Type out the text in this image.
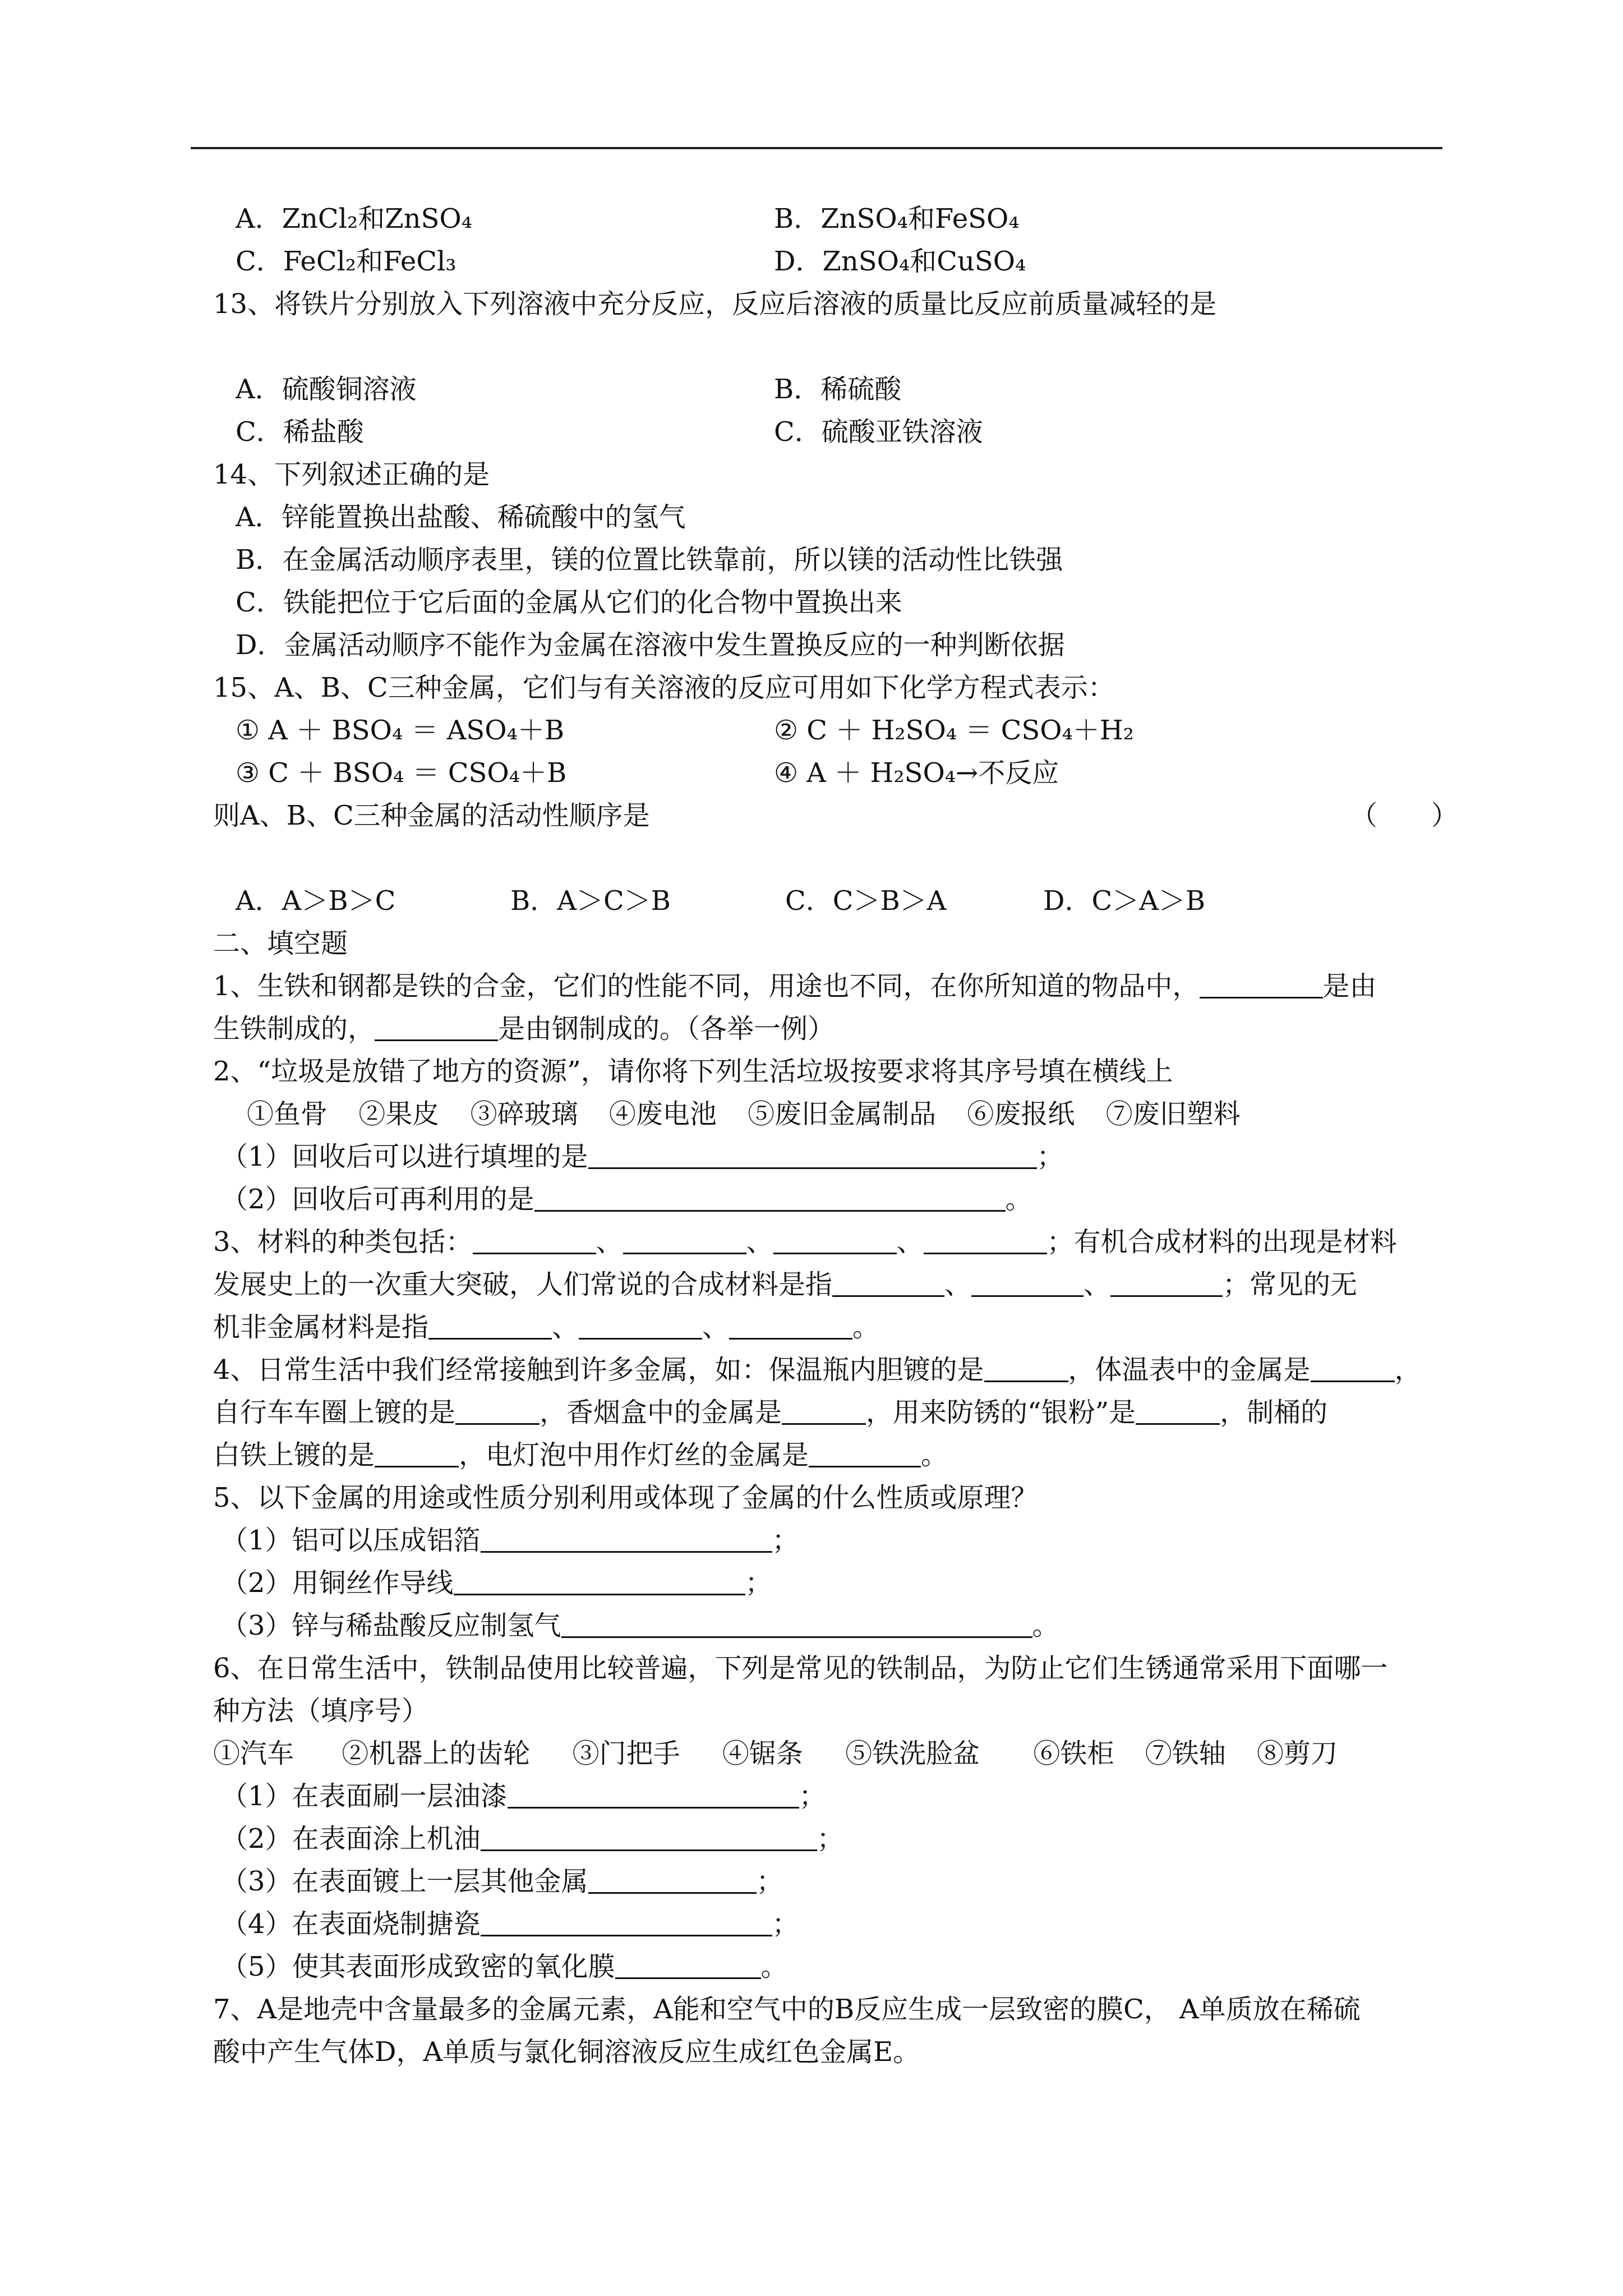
A．ZnCl₂和ZnSO₄	B．ZnSO₄和FeSO₄
C．FeCl₂和FeCl₃	D．ZnSO₄和CuSO₄
13、将铁片分别放入下列溶液中充分反应，反应后溶液的质量比反应前质量减轻的是
A．硫酸铜溶液	B．稀硫酸
C．稀盐酸	C．硫酸亚铁溶液
14、下列叙述正确的是
A．锌能置换出盐酸、稀硫酸中的氢气
B．在金属活动顺序表里，镁的位置比铁靠前，所以镁的活动性比铁强
C．铁能把位于它后面的金属从它们的化合物中置换出来
D．金属活动顺序不能作为金属在溶液中发生置换反应的一种判断依据
15、A、B、C三种金属，它们与有关溶液的反应可用如下化学方程式表示：
① A ＋ BSO₄ ＝ ASO₄＋B	② C ＋ H₂SO₄ ＝ CSO₄＋H₂
③ C ＋ BSO₄ ＝ CSO₄＋B	④ A ＋ H₂SO₄→不反应
则A、B、C三种金属的活动性顺序是	（　　）
A．A＞B＞C	B．A＞C＞B	C．C＞B＞A	D．C＞A＞B
二、填空题
1、生铁和钢都是铁的合金，它们的性能不同，用途也不同，在你所知道的物品中，	是由
生铁制成的，	是由钢制成的。（各举一例）
2、“垃圾是放错了地方的资源”，请你将下列生活垃圾按要求将其序号填在横线上
①鱼骨 ②果皮 ③碎玻璃 ④废电池 ⑤废旧金属制品 ⑥废报纸 ⑦废旧塑料
（1）回收后可以进行填埋的是	；
（2）回收后可再利用的是	。
3、材料的种类包括：	、	、	、	；有机合成材料的出现是材料
发展史上的一次重大突破，人们常说的合成材料是指	、	、	；常见的无
机非金属材料是指	、	、	。
4、日常生活中我们经常接触到许多金属，如：保温瓶内胆镀的是	，体温表中的金属是	，
自行车车圈上镀的是	，香烟盒中的金属是	，用来防锈的“银粉”是	，制桶的
白铁上镀的是	，电灯泡中用作灯丝的金属是	。
5、以下金属的用途或性质分别利用或体现了金属的什么性质或原理？
（1）铝可以压成铝箔	；
（2）用铜丝作导线	；
（3）锌与稀盐酸反应制氢气	。
6、在日常生活中，铁制品使用比较普遍，下列是常见的铁制品，为防止它们生锈通常采用下面哪一
种方法（填序号）
①汽车 ②机器上的齿轮 ③门把手 ④锯条 ⑤铁洗脸盆 ⑥铁柜 ⑦铁轴 ⑧剪刀
（1）在表面刷一层油漆	；
（2）在表面涂上机油	；
（3）在表面镀上一层其他金属	；
（4）在表面烧制搪瓷	；
（5）使其表面形成致密的氧化膜	。
7、A是地壳中含量最多的金属元素，A能和空气中的B反应生成一层致密的膜C， A单质放在稀硫
酸中产生气体D，A单质与氯化铜溶液反应生成红色金属E。
